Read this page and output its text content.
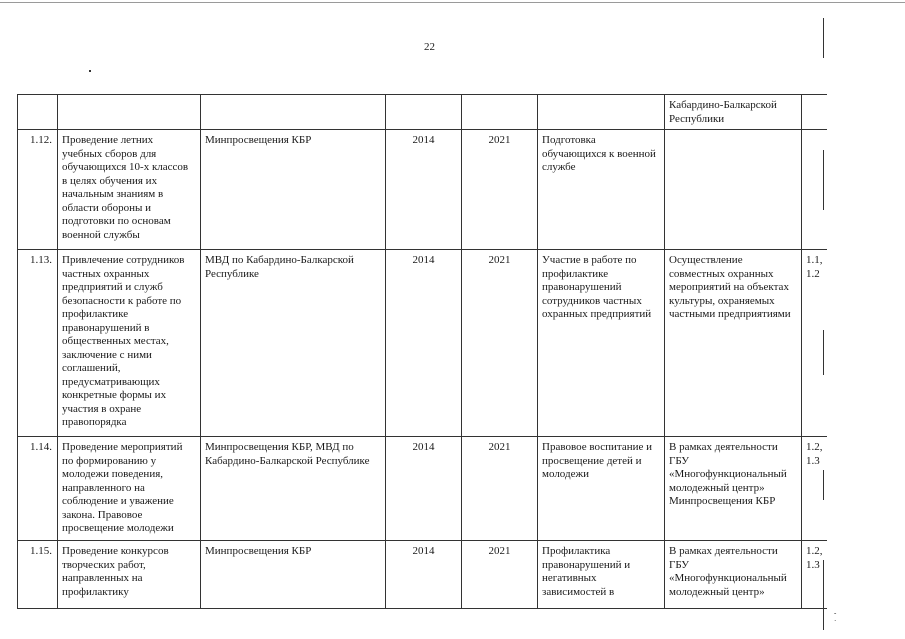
22
‐ ·
						Кабардино-Балкарской Республики	
1.12.	Проведение летних учебных сборов для обучающихся 10-х классов в целях обучения их начальным знаниям в области обороны и подготовки по основам военной службы	Минпросвещения КБР	2014	2021	Подготовка обучающихся к военной службе		
1.13.	Привлечение сотрудников частных охранных предприятий и служб безопасности к работе по профилактике правонарушений в общественных местах, заключение с ними соглашений, предусматривающих конкретные формы их участия в охране правопорядка	МВД по Кабардино-Балкарской Республике	2014	2021	Участие в работе по профилактике правонарушений сотрудников частных охранных предприятий	Осуществление совместных охранных мероприятий на объектах культуры, охраняемых частными предприятиями	1.1, 1.2
1.14.	Проведение мероприятий по формированию у молодежи поведения, направленного на соблюдение и уважение закона. Правовое просвещение молодежи	Минпросвещения КБР, МВД по Кабардино-Балкарской Республике	2014	2021	Правовое воспитание и просвещение детей и молодежи	В рамках деятельности ГБУ «Многофункциональный молодежный центр» Минпросвещения КБР	1.2, 1.3
1.15.	Проведение конкурсов творческих работ, направленных на профилактику	Минпросвещения КБР	2014	2021	Профилактика правонарушений и негативных зависимостей в	В рамках деятельности ГБУ «Многофункциональный молодежный центр»	1.2, 1.3
